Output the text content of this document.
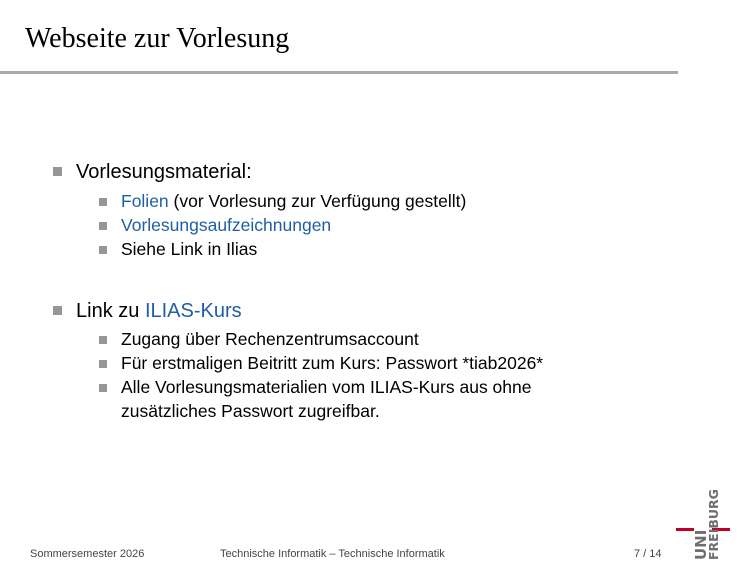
Webseite zur Vorlesung
Vorlesungsmaterial:
Folien (vor Vorlesung zur Verfügung gestellt)
Vorlesungsaufzeichnungen
Siehe Link in Ilias
Link zu ILIAS-Kurs
Zugang über Rechenzentrumsaccount
Für erstmaligen Beitritt zum Kurs: Passwort *tiab2026*
Alle Vorlesungsmaterialien vom ILIAS-Kurs aus ohne
zusätzliches Passwort zugreifbar.
Sommersemester 2026	Technische Informatik – Technische Informatik	7 / 14 UNI
FREIBURG
